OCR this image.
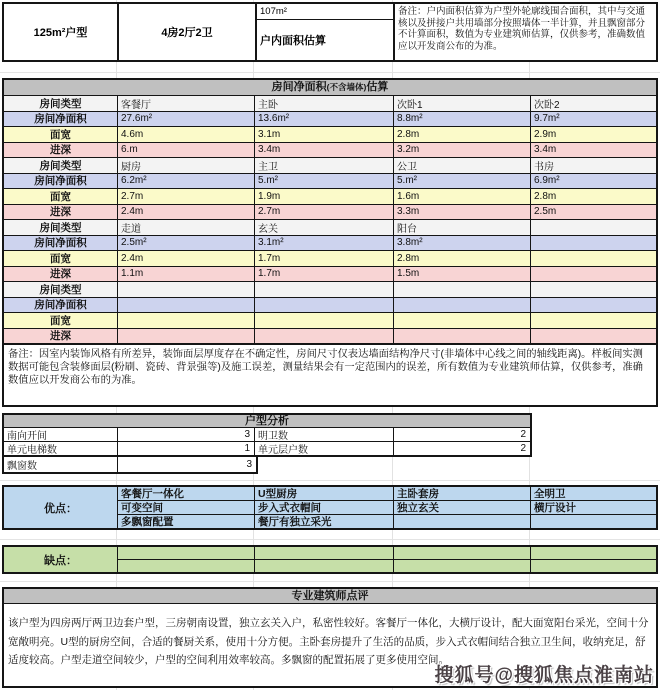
125m²户型	4房2厅2卫
107m²
户内面积估算
备注：户内面积估算为户型外轮廓线围合面积，其中与交通核以及拼接户共用墙部分按照墙体一半计算，并且飘窗部分不计算面积，数值为专业建筑师估算，仅供参考，准确数值应以开发商公布的为准。
房间净面积(不含墙体)估算
房间类型	客餐厅	主卧	次卧1	次卧2
房间净面积	27.6m²	13.6m²	8.8m²	9.7m²
面宽	4.6m	3.1m	2.8m	2.9m
进深	6.m	3.4m	3.2m	3.4m
房间类型	厨房	主卫	公卫	书房
房间净面积	6.2m²	5.m²	5.m²	6.9m²
面宽	2.7m	1.9m	1.6m	2.8m
进深	2.4m	2.7m	3.3m	2.5m
房间类型	走道	玄关	阳台
房间净面积	2.5m²	3.1m²	3.8m²
面宽	2.4m	1.7m	2.8m
进深	1.1m	1.7m	1.5m
房间类型
房间净面积
面宽
进深
备注：因室内装饰风格有所差异，装饰面层厚度存在不确定性，房间尺寸仅表达墙面结构净尺寸(非墙体中心线之间的轴线距离)。样板间实测数据可能包含装修面层(粉刷、瓷砖、背景强等)及施工误差，测量结果会有一定范围内的误差，所有数值为专业建筑师估算，仅供参考，准确数值应以开发商公布的为准。
户型分析
南向开间	3 明卫数	2
单元电梯数	1 单元层户数	2
飘窗数	3
优点：
客餐厅一体化	U型厨房	主卧套房	全明卫
可变空间	步入式衣帽间	独立玄关	横厅设计
多飘窗配置	餐厅有独立采光
缺点：
专业建筑师点评
该户型为四房两厅两卫边套户型，三房朝南设置，独立玄关入户，私密性较好。客餐厅一体化，大横厅设计，配大面宽阳台采光，空间十分宽敞明亮。U型的厨房空间，合适的餐厨关系，使用十分方便。主卧套房提升了生活的品质，步入式衣帽间结合独立卫生间，收纳充足，舒适度较高。户型走道空间较少，户型的空间利用效率较高。多飘窗的配置拓展了更多使用空间。
搜狐号@搜狐焦点淮南站
